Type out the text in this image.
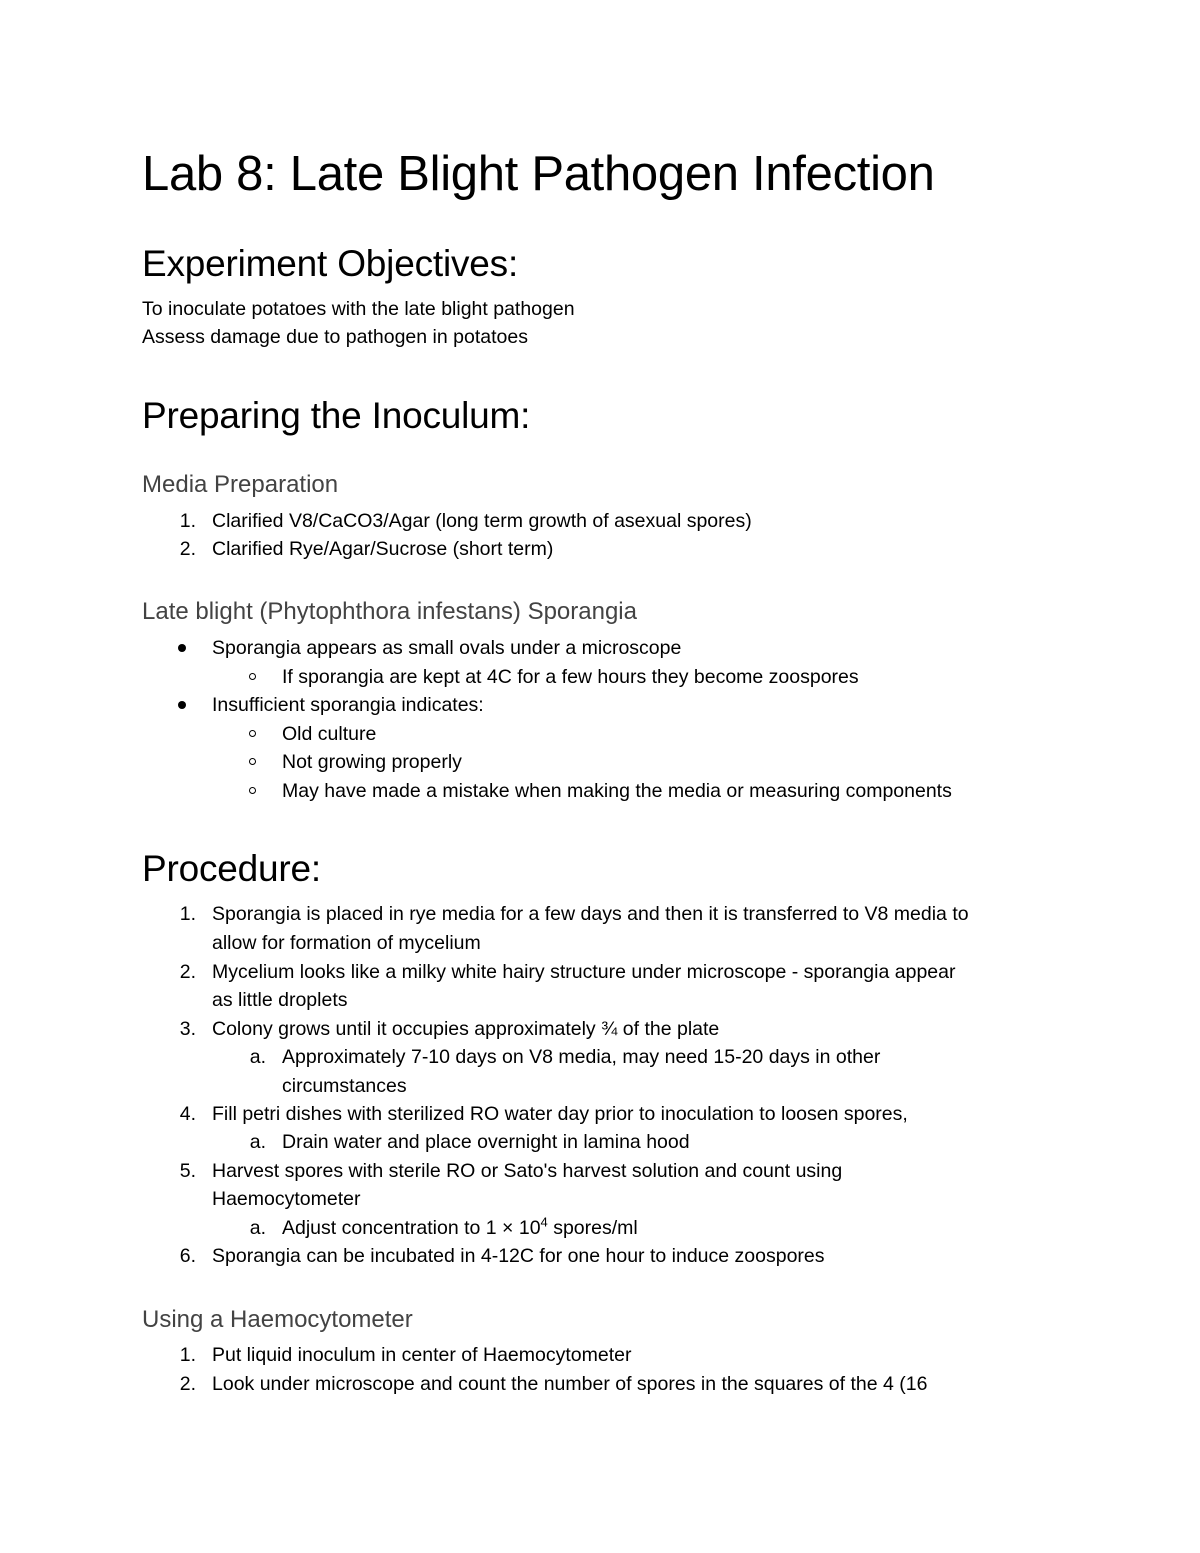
Lab 8: Late Blight Pathogen Infection
Experiment Objectives:

To inoculate potatoes with the late blight pathogen

Assess damage due to pathogen in potatoes

Preparing the Inoculum:
Media Preparation
1. Clarified V8/CaCO3/Agar (long term growth of asexual spores)

2. Clarified Rye/Agar/Sucrose (short term)

Late blight (Phytophthora infestans) Sporangia

Sporangia appears as small ovals under a microscope

If sporangia are kept at 4C for a few hours they become zoospores

Insufficient sporangia indicates:

Old culture

Not growing properly

May have made a mistake when making the media or measuring components

Procedure:
1. Sporangia is placed in rye media for a few days and then it is transferred to V8 media to

allow for formation of mycelium

2. Mycelium looks like a milky white hairy structure under microscope - sporangia appear

as little droplets

3. Colony grows until it occupies approximately ¾ of the plate

a. Approximately 7-10 days on V8 media, may need 15-20 days in other

circumstances

4. Fill petri dishes with sterilized RO water day prior to inoculation to loosen spores,

a. Drain water and place overnight in lamina hood

5. Harvest spores with sterile RO or Sato's harvest solution and count using

Haemocytometer

a. Adjust concentration to $1 \times 10^4$ spores/ml

6. Sporangia can be incubated in 4-12C for one hour to induce zoospores

Using a Haemocytometer
1. Put liquid inoculum in center of Haemocytometer

2. Look under microscope and count the number of spores in the squares of the 4 (16
